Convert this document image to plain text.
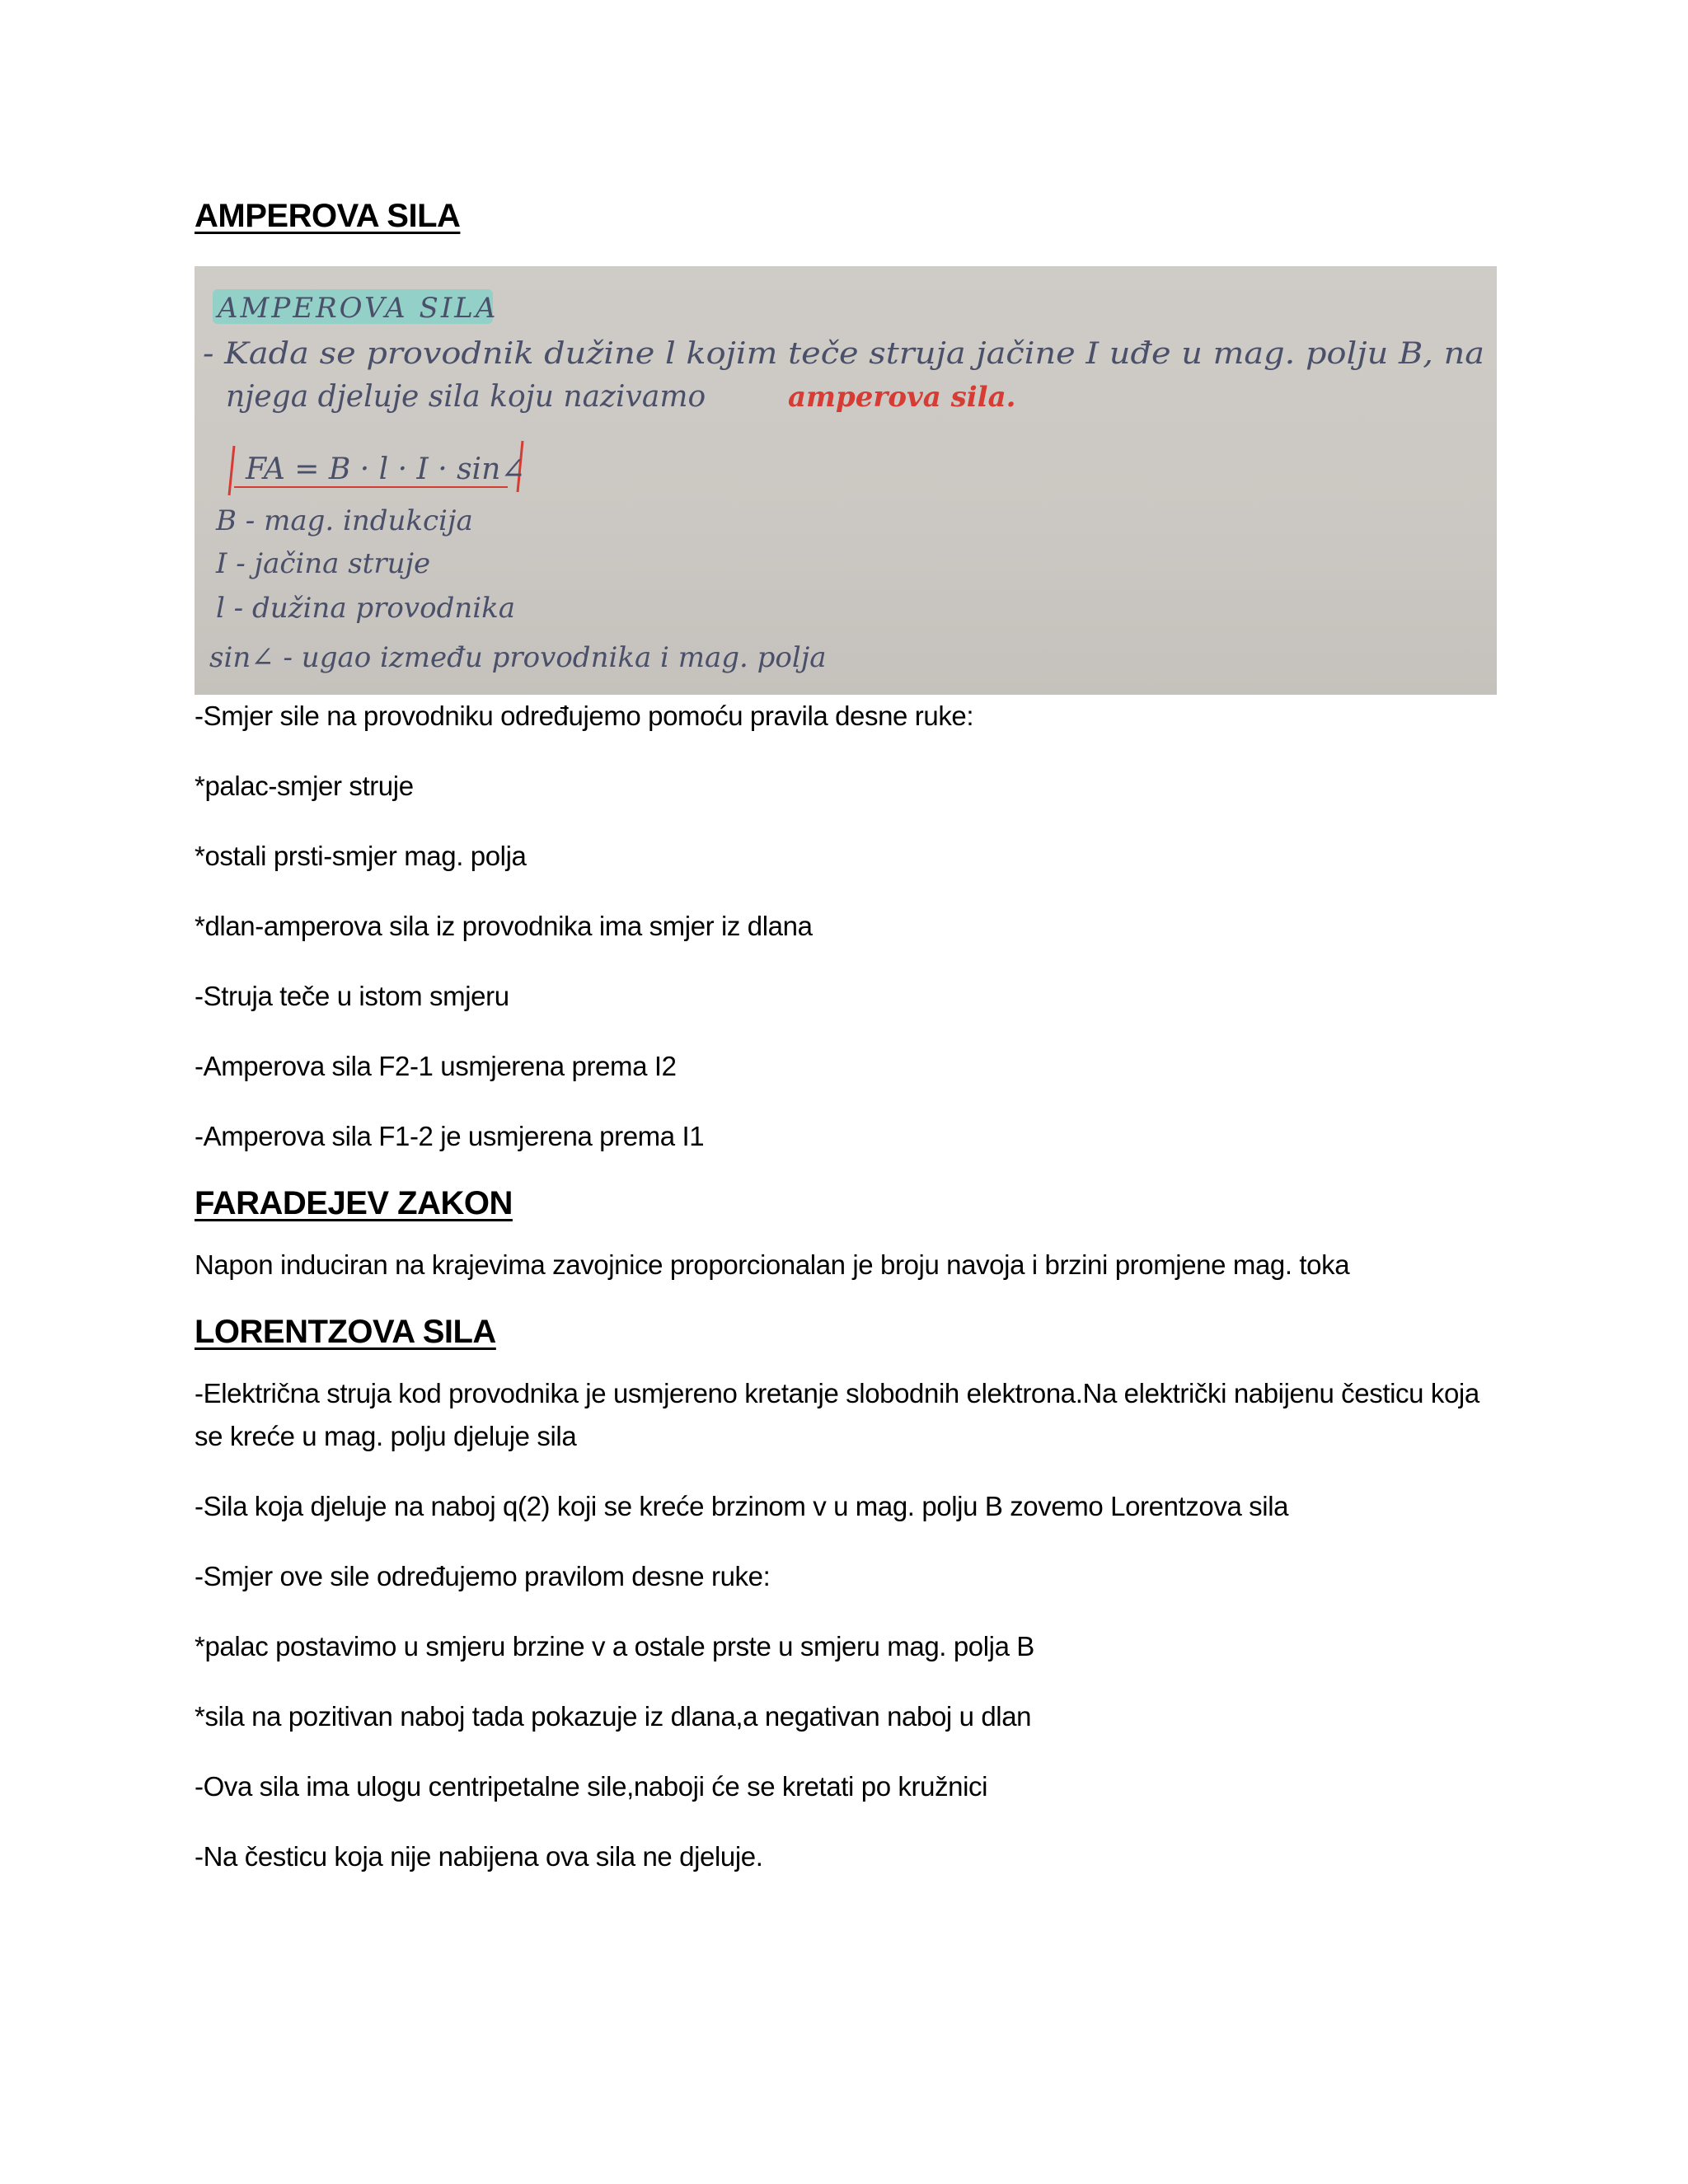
AMPEROVA SILA
AMPEROVA SILA
- Kada se provodnik dužine l kojim teče struja jačine I uđe u mag. polju B, na
njega djeluje sila koju nazivamo	amperova sila.
FA = B · l · I · sin∠
B - mag. indukcija
I - jačina struje
l - dužina provodnika
sin∠ - ugao između provodnika i mag. polja

-Smjer sile na provodniku određujemo pomoću pravila desne ruke:

*palac-smjer struje

*ostali prsti-smjer mag. polja

*dlan-amperova sila iz provodnika ima smjer iz dlana

-Struja teče u istom smjeru

-Amperova sila F2-1 usmjerena prema I2

-Amperova sila F1-2 je usmjerena prema I1

FARADEJEV ZAKON

Napon induciran na krajevima zavojnice proporcionalan je broju navoja i brzini promjene mag. toka

LORENTZOVA SILA

-Električna struja kod provodnika je usmjereno kretanje slobodnih elektrona.Na električki nabijenu česticu koja se kreće u mag. polju djeluje sila

-Sila koja djeluje na naboj q(2) koji se kreće brzinom v u mag. polju B zovemo Lorentzova sila

-Smjer ove sile određujemo pravilom desne ruke:

*palac postavimo u smjeru brzine v a ostale prste u smjeru mag. polja B

*sila na pozitivan naboj tada pokazuje iz dlana,a negativan naboj u dlan

-Ova sila ima ulogu centripetalne sile,naboji će se kretati po kružnici

-Na česticu koja nije nabijena ova sila ne djeluje.
